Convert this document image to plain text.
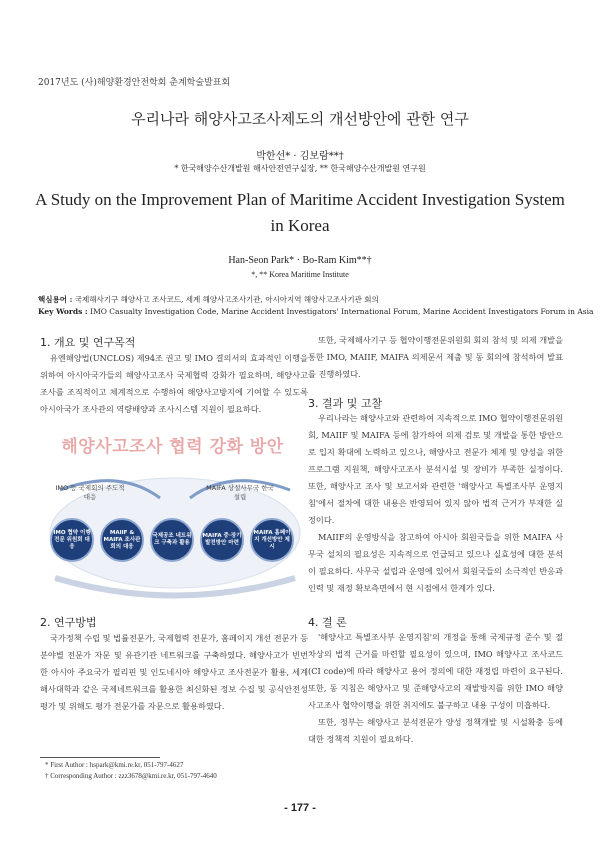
2017년도 (사)해양환경안전학회 춘계학술발표회
우리나라 해양사고조사제도의 개선방안에 관한 연구
박한선* · 김보람**†
* 한국해양수산개발원 해사안전연구실장, ** 한국해양수산개발원 연구원
A Study on the Improvement Plan of Maritime Accident Investigation System in Korea
Han-Seon Park* · Bo-Ram Kim**†
*, ** Korea Maritime Institute
핵심용어 : 국제해사기구 해양사고 조사코드, 세계 해양사고조사기관, 아시아지역 해양사고조사기관 회의
Key Words : IMO Casualty Investigation Code, Marine Accident Investigators' International Forum, Marine Accident Investigators Forum in Asia
1. 개요 및 연구목적

유엔해양법(UNCLOS) 제94조 권고 및 IMO 결의서의 효과적인 이행을 위하여 아시아국가들의 해양사고조사 국제협력 강화가 필요하며, 해양사고조사를 조직적이고 체계적으로 수행하여 해양사고방지에 기여할 수 있도록 아시아국가 조사관의 역량배양과 조사시스템 지원이 필요하다.

해양사고조사 협력 강화 방안
IMO 등 국제회의 주도적 대응
MAIFA 상설사무국 한국 설립
IMO 협약 이행전문 위원회 대응
MAIIF & MAIFA 조사관회의 대응
국제공조 네트워크 구축과 활용
MAIFA 중·장기 발전방안 마련
MAIFA 홈페이지 개선방안 제시
2. 연구방법

국가정책 수립 및 법률전문가, 국제협력 전문가, 홈페이지 개선 전문가 등 분야별 전문가 자문 및 유관기관 네트워크를 구축하였다. 해양사고가 빈번한 아시아 주요국가 필리핀 및 인도네시아 해양사고 조사전문가 활용, 세계해사대학과 같은 국제네트워크를 활용한 최신화된 정보 수집 및 공식안전성평가 및 위해도 평가 전문가를 자문으로 활용하였다.

* First Author : hspark@kmi.re.kr, 051-797-4627
† Corresponding Author : zzz3678@kmi.re.kr, 051-797-4640

또한, 국제해사기구 등 협약이행전문위원회 회의 참석 및 의제 개발을 통한 IMO, MAIIF, MAIFA 의제문서 제출 및 동 회의에 참석하여 발표를 진행하였다.

3. 결과 및 고찰

우리나라는 해양사고와 관련하여 지속적으로 IMO 협약이행전문위원회, MAIIF 및 MAIFA 등에 참가하여 의제 검토 및 개발을 통한 방안으로 입지 확대에 노력하고 있으나, 해양사고 전문가 체계 및 양성을 위한 프로그램 지원책, 해양사고조사 분석시설 및 장비가 부족한 실정이다. 또한, 해양사고 조사 및 보고서와 관련한 '해양사고 특별조사부 운영지침'에서 절차에 대한 내용은 반영되어 있지 않아 법적 근거가 부재한 실정이다.

MAIIF의 운영방식을 참고하여 아시아 회원국들을 위한 MAIFA 사무국 설치의 필요성은 지속적으로 언급되고 있으나 실효성에 대한 분석이 필요하다. 사무국 설립과 운영에 있어서 회원국들의 소극적인 반응과 인력 및 재정 확보측면에서 현 시점에서 한계가 있다.

4. 결 론

'해양사고 특별조사부 운영지침'의 개정을 통해 국제규정 준수 및 절차상의 법적 근거를 마련할 필요성이 있으며, IMO 해양사고 조사코드(CI code)에 따라 해양사고 용어 정의에 대한 재정립 마련이 요구된다. 또한, 동 지침은 해양사고 및 준해양사고의 재발방지를 위한 IMO 해양사고조사 협약이행을 위한 취지에도 불구하고 내용 구성이 미흡하다.

또한, 정부는 해양사고 분석전문가 양성 정책개발 및 시설확충 등에 대한 정책적 지원이 필요하다.

- 177 -
